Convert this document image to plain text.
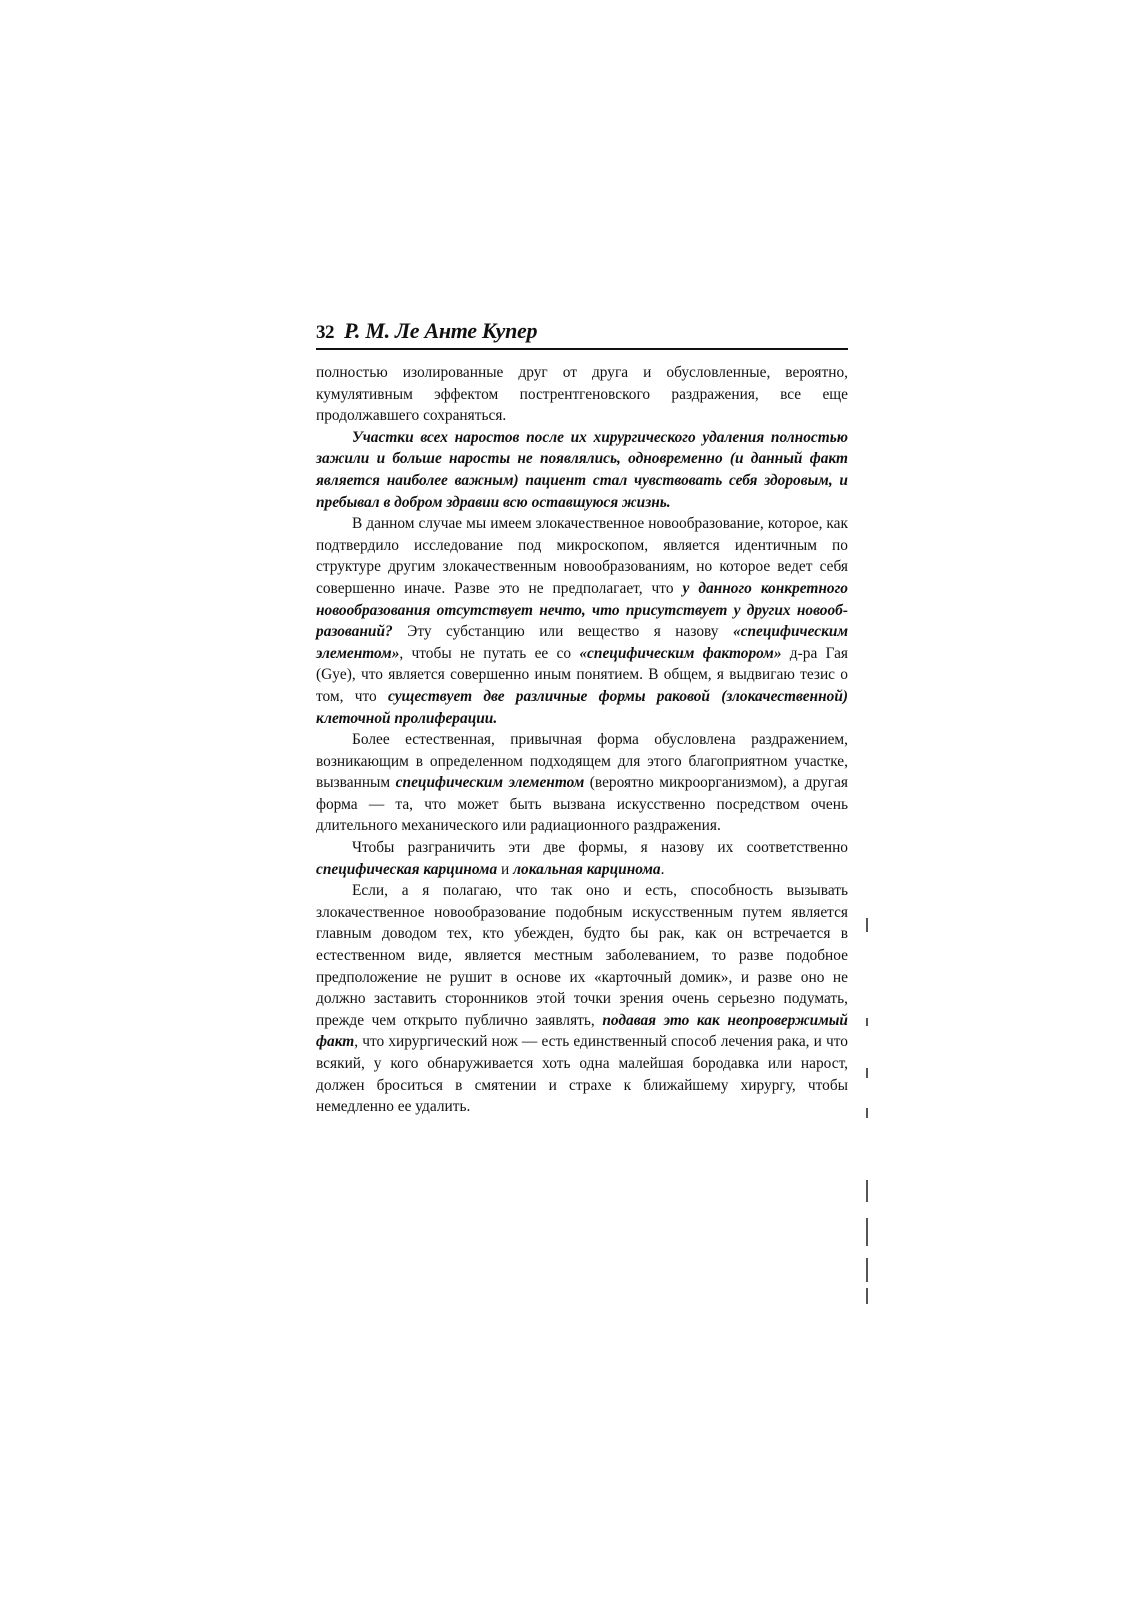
32 Р. М. Ле Анте Купер

полностью изолированные друг от друга и обусловленные, вероятно, кумулятивным эффектом пострентгеновского раздражения, все еще продолжавшего сохраняться.

Участки всех наростов после их хирургического удаления полностью зажили и больше наросты не появлялись, одновременно (и данный факт является наиболее важным) пациент стал чувствовать себя здоровым, и пребывал в добром здравии всю оставшуюся жизнь.

В данном случае мы имеем злокачественное новообразование, которое, как подтвердило исследование под микроскопом, является идентичным по структуре другим злокачественным новообразованиям, но которое ведет себя совершенно иначе. Разве это не предполагает, что у данного конкретного новообразования отсутствует нечто, что присутствует у других новообразований? Эту субстанцию или вещество я назову «специфическим элементом», чтобы не путать ее со «специфическим фактором» д-ра Гая (Gye), что является совершенно иным понятием. В общем, я выдвигаю тезис о том, что существует две различные формы раковой (злокачественной) клеточной пролиферации.

Более естественная, привычная форма обусловлена раздражением, возникающим в определенном подходящем для этого благоприятном участке, вызванным специфическим элементом (вероятно микроорганизмом), а другая форма — та, что может быть вызвана искусственно посредством очень длительного механического или радиационного раздражения.

Чтобы разграничить эти две формы, я назову их соответственно специфическая карцинома и локальная карцинома.

Если, а я полагаю, что так оно и есть, способность вызывать злокачественное новообразование подобным искусственным путем является главным доводом тех, кто убежден, будто бы рак, как он встречается в естественном виде, является местным заболеванием, то разве подобное предположение не рушит в основе их «карточный домик», и разве оно не должно заставить сторонников этой точки зрения очень серьезно подумать, прежде чем открыто публично заявлять, подавая это как неопровержимый факт, что хирургический нож — есть единственный способ лечения рака, и что всякий, у кого обнаруживается хоть одна малейшая бородавка или нарост, должен броситься в смятении и страхе к ближайшему хирургу, чтобы немедленно ее удалить.
